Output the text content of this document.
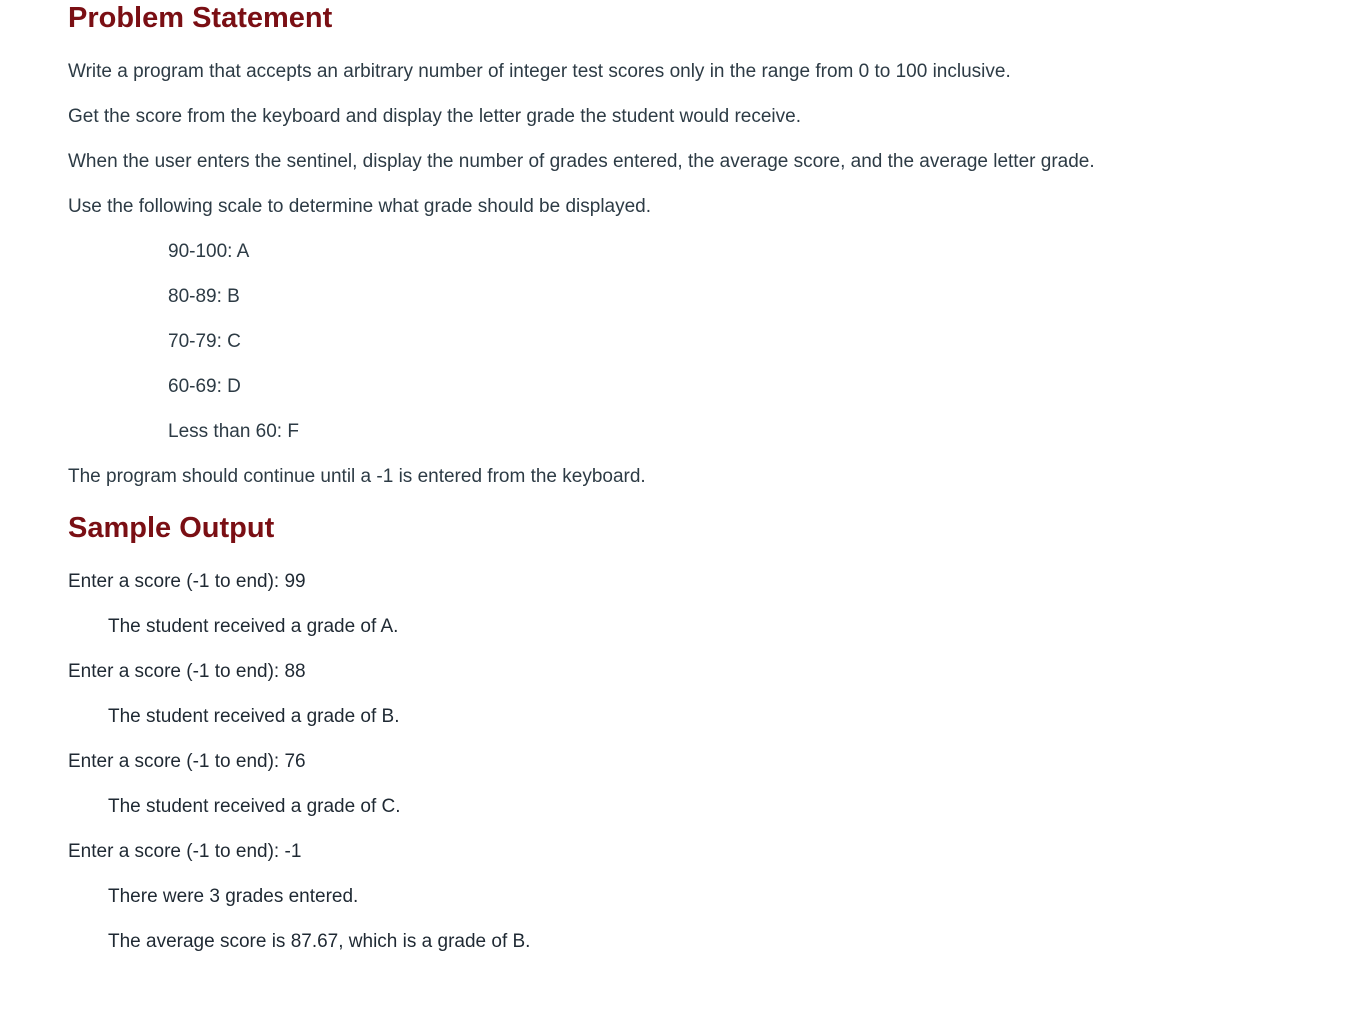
Problem Statement

Write a program that accepts an arbitrary number of integer test scores only in the range from 0 to 100 inclusive.

Get the score from the keyboard and display the letter grade the student would receive.

When the user enters the sentinel, display the number of grades entered, the average score, and the average letter grade.

Use the following scale to determine what grade should be displayed.

90-100: A

80-89: B

70-79: C

60-69: D

Less than 60: F

The program should continue until a -1 is entered from the keyboard.

Sample Output

Enter a score (-1 to end): 99

The student received a grade of A.

Enter a score (-1 to end): 88

The student received a grade of B.

Enter a score (-1 to end): 76

The student received a grade of C.

Enter a score (-1 to end): -1

There were 3 grades entered.

The average score is 87.67, which is a grade of B.
